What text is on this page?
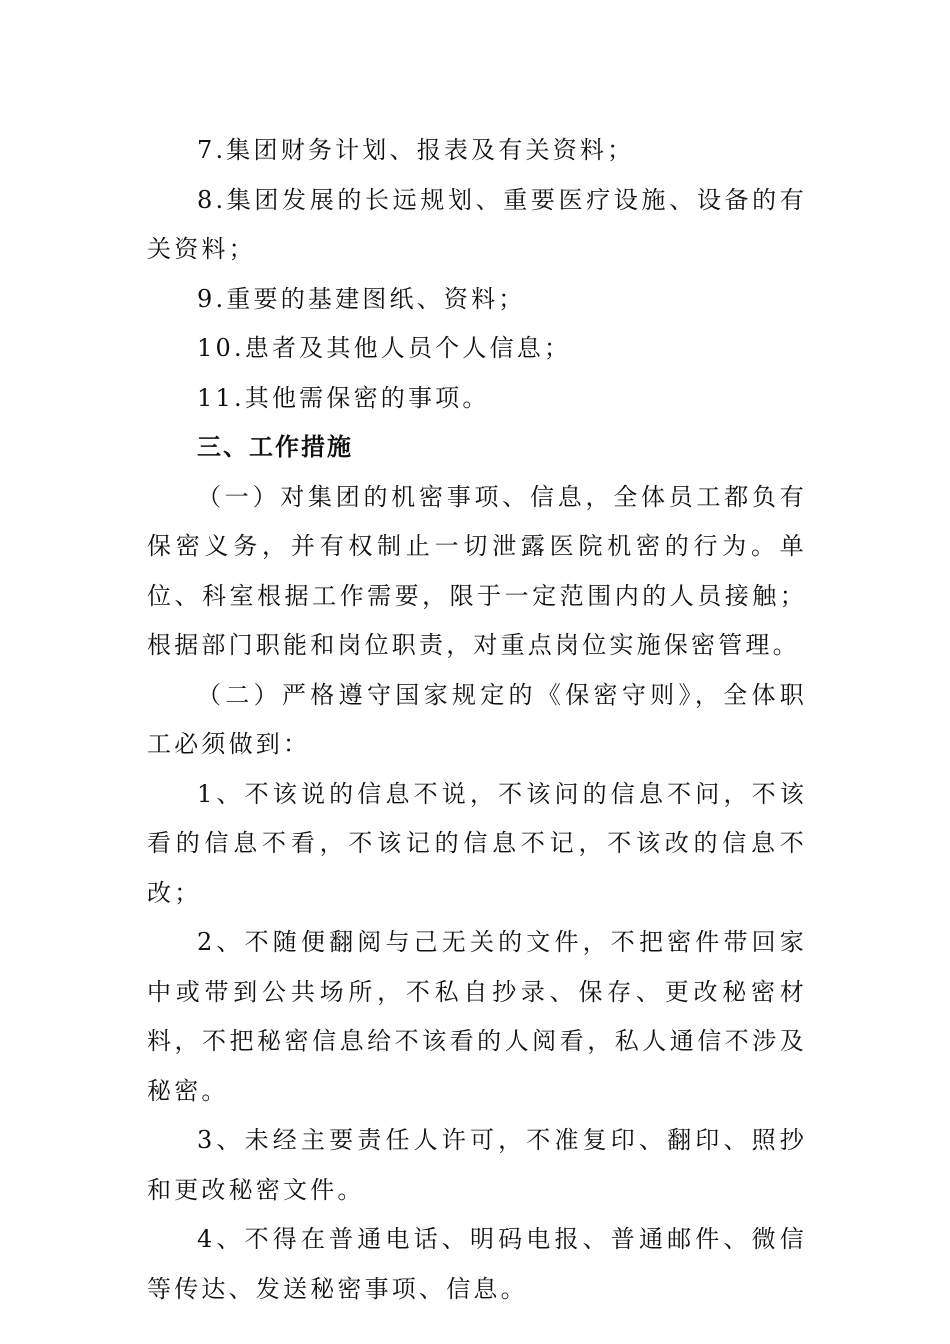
7.集团财务计划、报表及有关资料；

8.集团发展的长远规划、重要医疗设施、设备的有关资料；

9.重要的基建图纸、资料；

10.患者及其他人员个人信息；

11.其他需保密的事项。

三、工作措施

（一）对集团的机密事项、信息，全体员工都负有保密义务，并有权制止一切泄露医院机密的行为。单位、科室根据工作需要，限于一定范围内的人员接触；根据部门职能和岗位职责，对重点岗位实施保密管理。

（二）严格遵守国家规定的《保密守则》，全体职工必须做到：

1、不该说的信息不说，不该问的信息不问，不该看的信息不看，不该记的信息不记，不该改的信息不改；

2、不随便翻阅与己无关的文件，不把密件带回家中或带到公共场所，不私自抄录、保存、更改秘密材料，不把秘密信息给不该看的人阅看，私人通信不涉及秘密。

3、未经主要责任人许可，不准复印、翻印、照抄和更改秘密文件。

4、不得在普通电话、明码电报、普通邮件、微信等传达、发送秘密事项、信息。
